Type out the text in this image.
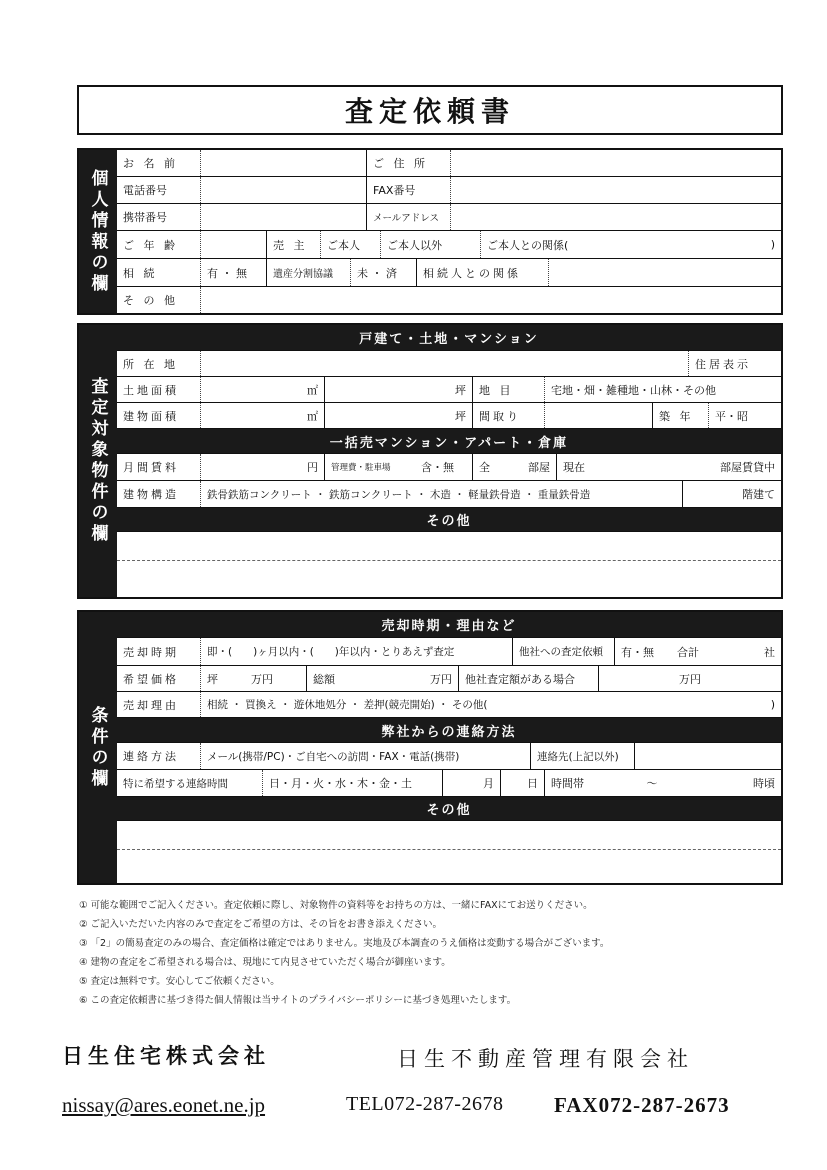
査定依頼書
個人情報の欄
お 名 前	ご 住 所
電話番号	FAX番号
携帯番号	メールアドレス
ご 年 齢	売 主	ご本人	ご本人以外	ご本人との関係(	)
相 続	有 ・ 無	遺産分割協議	未 ・ 済	相続人との関係
そ の 他
査定対象物件の欄
戸建て・土地・マンション
所 在 地	住居表示
土地面積	㎡	坪	地 目	宅地・畑・雑種地・山林・その他
建物面積	㎡	坪	間取り	築 年	平・昭
一括売マンション・アパート・倉庫
月間賃料	円	管理費・駐車場	含・無	全	部屋	現在	部屋賃貸中
建物構造	鉄骨鉄筋コンクリート ・ 鉄筋コンクリート ・ 木造 ・ 軽量鉄骨造 ・ 重量鉄骨造	階建て
その他
条件の欄
売却時期・理由など
売却時期	即・(　　)ヶ月以内・(　　)年以内・とりあえず査定	他社への査定依頼	有・無	合計	社
希望価格	坪　　　万円	総額	万円	他社査定額がある場合	万円
売却理由	相続 ・ 買換え ・ 遊休地処分 ・ 差押(競売開始) ・ その他(	)
弊社からの連絡方法
連絡方法	メール(携帯/PC)・ご自宅への訪問・FAX・電話(携帯)	連絡先(上記以外)
特に希望する連絡時間	日・月・火・水・木・金・土	月	日	時間帯	～	時頃
その他
① 可能な範囲でご記入ください。査定依頼に際し、対象物件の資料等をお持ちの方は、一緒にFAXにてお送りください。
② ご記入いただいた内容のみで査定をご希望の方は、その旨をお書き添えください。
③ 「2」の簡易査定のみの場合、査定価格は確定ではありません。実地及び本調査のうえ価格は変動する場合がございます。
④ 建物の査定をご希望される場合は、現地にて内見させていただく場合が御座います。
⑤ 査定は無料です。安心してご依頼ください。
⑥ この査定依頼書に基づき得た個人情報は当サイトのプライバシーポリシーに基づき処理いたします。
日生住宅株式会社	日生不動産管理有限会社
nissay@ares.eonet.ne.jp	TEL072-287-2678 FAX072-287-2673
